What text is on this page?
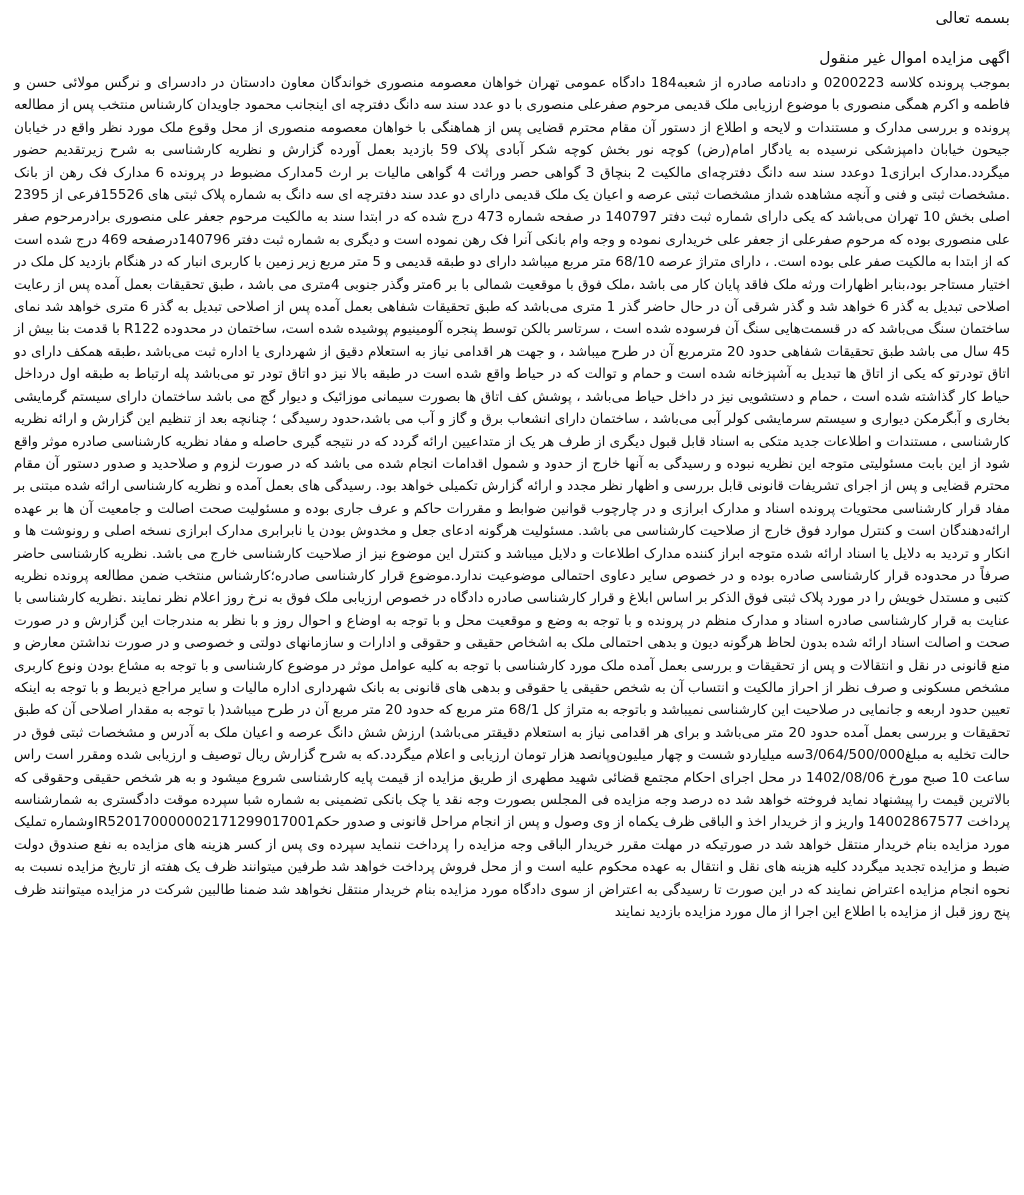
بسمه تعالی

اگهی مزایده اموال غیر منقول

بموجب پرونده کلاسه 0200223 و دادنامه صادره از شعبه184 دادگاه عمومی تهران خواهان معصومه منصوری خواندگان معاون دادستان در دادسرای و نرگس مولائی حسن و فاطمه و اکرم همگی منصوری با موضوع ارزیابی ملک قدیمی مرحوم صفرعلی منصوری با دو عدد سند سه دانگ دفترچه ای اینجانب محمود جاویدان کارشناس منتخب پس از مطالعه پرونده و بررسی مدارک و مستندات و لایحه و اطلاع از دستور آن مقام محترم قضایی پس از هماهنگی با خواهان معصومه منصوری از محل وقوع ملک مورد نظر واقع در خیابان جیحون خیابان دامپزشکی نرسیده به یادگار امام(رض) کوچه نور بخش کوچه شکر آبادی پلاک 59 بازدید بعمل آورده گزارش و نظریه کارشناسی به شرح زیرتقدیم حضور میگردد.مدارک ابرازی1 دوعدد سند سه دانگ دفترچه‌ای مالکیت 2 بنچاق 3 گواهی حصر وراثت 4 گواهی مالیات بر ارث 5مدارک مضبوط در پرونده 6 مدارک فک رهن از بانک .مشخصات ثبتی و فنی و آنچه مشاهده شداز مشخصات ثبتی عرصه و اعیان یک ملک قدیمی دارای دو عدد سند دفترچه ای سه دانگ به شماره پلاک ثبتی های 15526فرعی از 2395 اصلی بخش 10 تهران می‌باشد که یکی دارای شماره ثبت دفتر 140797 در صفحه شماره 473 درج شده که در ابتدا سند به مالکیت مرحوم جعفر علی منصوری برادرمرحوم صفر علی منصوری بوده که مرحوم صفرعلی از جعفر علی خریداری نموده و وجه وام بانکی آنرا فک رهن نموده است و دیگری به شماره ثبت دفتر 140796درصفحه 469 درج شده است که از ابتدا به مالکیت صفر علی بوده است. ، دارای متراژ عرصه 68/10 متر مربع میباشد دارای دو طبقه قدیمی و 5 متر مربع زیر زمین با کاربری انبار که در هنگام بازدید کل ملک در اختیار مستاجر بود،بنابر اظهارات ورثه ملک فاقد پایان کار می باشد ،ملک فوق با موقعیت شمالی با بر 6متر وگذر جنوبی 4متری می باشد ، طبق تحقیقات بعمل آمده پس از رعایت اصلاحی تبدیل به گذر 6 خواهد شد و گذر شرقی آن در حال حاضر گذر 1 متری می‌باشد که طبق تحقیقات شفاهی بعمل آمده پس از اصلاحی تبدیل به گذر 6 متری خواهد شد نمای ساختمان سنگ می‌باشد که در قسمت‌هایی سنگ آن فرسوده شده است ، سرتاسر بالکن توسط پنجره آلومینیوم پوشیده شده است، ساختمان در محدوده R122 با قدمت بنا بیش از 45 سال می باشد طبق تحقیقات شفاهی حدود 20 مترمربع آن در طرح میباشد ، و جهت هر اقدامی نیاز به استعلام دقیق از شهرداری یا اداره ثبت می‌باشد ،طبقه همکف دارای دو اتاق تودرتو که یکی از اتاق ها تبدیل به آشپزخانه شده است و حمام و توالت که در حیاط واقع شده است در طبقه بالا نیز دو اتاق تودر تو می‌باشد پله ارتباط به طبقه اول درداخل حیاط کار گذاشته شده است ، حمام و دستشویی نیز در داخل حیاط می‌باشد ، پوشش کف اتاق ها بصورت سیمانی موزائیک و دیوار گچ می باشد ساختمان دارای سیستم گرمایشی بخاری و آبگرمکن دیواری و سیستم سرمایشی کولر آبی می‌باشد ، ساختمان دارای انشعاب برق و گاز و آب می باشد،حدود رسیدگی ؛ چنانچه بعد از تنظیم این گزارش و ارائه نظریه کارشناسی ، مستندات و اطلاعات جدید متکی به اسناد قابل قبول دیگری از طرف هر یک از متداعیین ارائه گردد که در نتیجه گیری حاصله و مفاد نظریه کارشناسی صادره موثر واقع شود از این بابت مسئولیتی متوجه این نظریه نبوده و رسیدگی به آنها خارج از حدود و شمول اقدامات انجام شده می باشد که در صورت لزوم و صلاحدید و صدور دستور آن مقام محترم قضایی و پس از اجرای تشریفات قانونی قابل بررسی و اظهار نظر مجدد و ارائه گزارش تکمیلی خواهد بود. رسیدگی های بعمل آمده و نظریه کارشناسی ارائه شده مبتنی بر مفاد قرار کارشناسی محتویات پرونده اسناد و مدارک ابرازی و در چارچوب قوانین ضوابط و مقررات حاکم و عرف جاری بوده و مسئولیت صحت اصالت و جامعیت آن ها بر عهده ارائه‌دهندگان است و کنترل موارد فوق خارج از صلاحیت کارشناسی می باشد. مسئولیت هرگونه ادعای جعل و مخدوش بودن یا نابرابری مدارک ابرازی نسخه اصلی و رونوشت ها و انکار و تردید به دلایل یا اسناد ارائه شده متوجه ابراز کننده مدارک اطلاعات و دلایل میباشد و کنترل این موضوع نیز از صلاحیت کارشناسی خارج می باشد. نظریه کارشناسی حاضر صرفاً در محدوده قرار کارشناسی صادره بوده و در خصوص سایر دعاوی احتمالی موضوعیت ندارد.موضوع قرار کارشناسی صادره؛کارشناس منتخب ضمن مطالعه پرونده نظریه کتبی و مستدل خویش را در مورد پلاک ثبتی فوق الذکر بر اساس ابلاغ و قرار کارشناسی صادره دادگاه در خصوص ارزیابی ملک فوق به نرخ روز اعلام نظر نمایند .نظریه کارشناسی با عنایت به قرار کارشناسی صادره اسناد و مدارک منظم در پرونده و با توجه به وضع و موقعیت محل و با توجه به اوضاع و احوال روز و با نظر به مندرجات این گزارش و در صورت صحت و اصالت اسناد ارائه شده بدون لحاظ هرگونه دیون و بدهی احتمالی ملک به اشخاص حقیقی و حقوقی و ادارات و سازمانهای دولتی و خصوصی و در صورت نداشتن معارض و منع قانونی در نقل و انتقالات و پس از تحقیقات و بررسی بعمل آمده ملک مورد کارشناسی با توجه به کلیه عوامل موثر در موضوع کارشناسی و با توجه به مشاع بودن ونوع کاربری مشخص مسکونی و صرف نظر از احراز مالکیت و انتساب آن به شخص حقیقی یا حقوقی و بدهی های قانونی به بانک شهرداری اداره مالیات و سایر مراجع ذیربط و با توجه به اینکه تعیین حدود اربعه و جانمایی در صلاحیت این کارشناسی نمیباشد و باتوجه به متراژ کل 68/1 متر مربع که حدود 20 متر مربع آن در طرح میباشد( با توجه به مقدار اصلاحی آن که طبق تحقیقات و بررسی بعمل آمده حدود 20 متر می‌باشد و برای هر اقدامی نیاز به استعلام دقیقتر می‌باشد) ارزش شش دانگ عرصه و اعیان ملک به آدرس و مشخصات ثبتی فوق در حالت تخلیه به مبلغ3/064/500/000سه میلیاردو شست و چهار میلیون‌وپانصد هزار تومان ارزیابی و اعلام میگردد.که به شرح گزارش ریال توصیف و ارزیابی شده ومقرر است راس ساعت 10 صبح مورخ 1402/08/06 در محل اجرای احکام مجتمع قضائی شهید مطهری از طریق مزایده از قیمت پایه کارشناسی شروع میشود و به هر شخص حقیقی وحقوقی که بالاترین قیمت را پیشنهاد نماید فروخته خواهد شد ده درصد وجه مزایده فی المجلس بصورت وجه نقد یا چک بانکی تضمینی به شماره شبا سپرده موقت دادگستری به شمارشناسه پرداخت 14002867577 واریز و از خریدار اخذ و الباقی ظرف یکماه از وی وصول و پس از انجام مراحل قانونی و صدور حکمIR520170000002171299017001وشماره تملیک مورد مزایده بنام خریدار منتقل خواهد شد در صورتیکه در مهلت مقرر خریدار الباقی وجه مزایده را پرداخت ننماید سپرده وی پس از کسر هزینه های مزایده به نفع صندوق دولت ضبط و مزایده تجدید میگردد کلیه هزینه های نقل و انتقال به عهده محکوم علیه است و از محل فروش پرداخت خواهد شد طرفین میتوانند ظرف یک هفته از تاریخ مزایده نسبت به نحوه انجام مزایده اعتراض نمایند که در این صورت تا رسیدگی به اعتراض از سوی دادگاه مورد مزایده بنام خریدار منتقل نخواهد شد ضمنا طالبین شرکت در مزایده میتوانند ظرف پنج روز قبل از مزایده با اطلاع این اجرا از مال مورد مزایده بازدید نمایند
